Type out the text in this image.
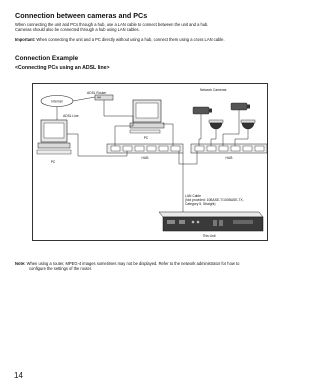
Connection between cameras and PCs
When connecting the unit and PCs through a hub, use a LAN cable to connect between the unit and a hub.
Cameras should also be connected through a hub using LAN cables.
Important: When connecting the unit and a PC directly without using a hub, connect them using a cross LAN cable.
Connection Example
<Connecting PCs using an ADSL line>
Internet
ADSL Line
ADSL Router
PC
PC
Network Cameras
HUB	HUB
LAN Cable
(Not provided: 10BASE-T/100BASE-TX,
Category 5, Straight)
This Unit
Note: When using a router, MPEG-4 images sometimes may not be displayed. Refer to the network administrator for how to
configure the settings of the router.
14
